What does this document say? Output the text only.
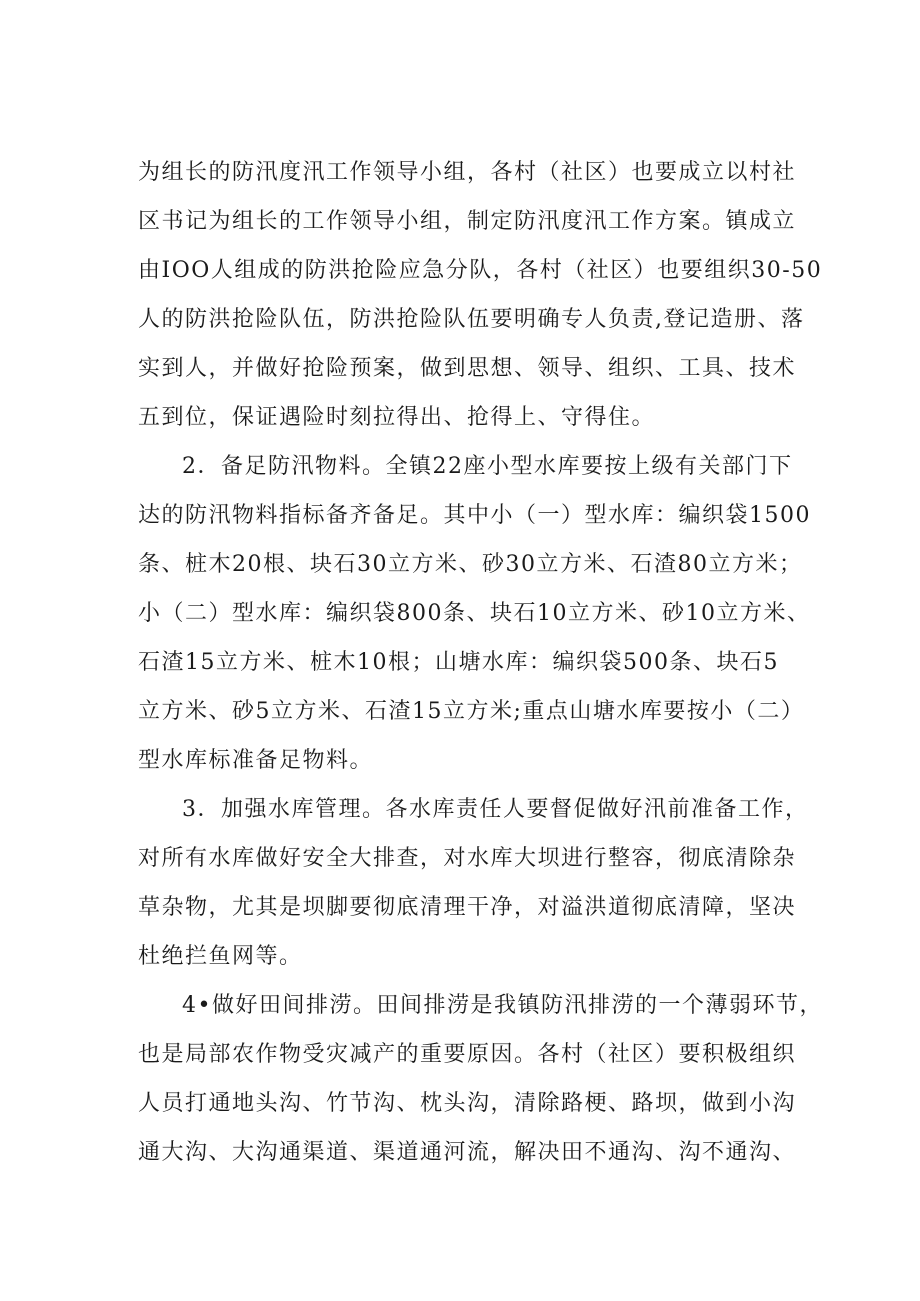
为组长的防汛度汛工作领导小组，各村（社区）也要成立以村社
区书记为组长的工作领导小组，制定防汛度汛工作方案。镇成立
由IOO人组成的防洪抢险应急分队，各村（社区）也要组织30-50
人的防洪抢险队伍，防洪抢险队伍要明确专人负责,登记造册、落
实到人，并做好抢险预案，做到思想、领导、组织、工具、技术
五到位，保证遇险时刻拉得出、抢得上、守得住。
2．备足防汛物料。全镇22座小型水库要按上级有关部门下
达的防汛物料指标备齐备足。其中小（一）型水库：编织袋1500
条、桩木20根、块石30立方米、砂30立方米、石渣80立方米；
小（二）型水库：编织袋800条、块石10立方米、砂10立方米、
石渣15立方米、桩木10根；山塘水库：编织袋500条、块石5
立方米、砂5立方米、石渣15立方米;重点山塘水库要按小（二）
型水库标准备足物料。
3．加强水库管理。各水库责任人要督促做好汛前准备工作，
对所有水库做好安全大排查，对水库大坝进行整容，彻底清除杂
草杂物，尤其是坝脚要彻底清理干净，对溢洪道彻底清障，坚决
杜绝拦鱼网等。
4•做好田间排涝。田间排涝是我镇防汛排涝的一个薄弱环节，
也是局部农作物受灾减产的重要原因。各村（社区）要积极组织
人员打通地头沟、竹节沟、枕头沟，清除路梗、路坝，做到小沟
通大沟、大沟通渠道、渠道通河流，解决田不通沟、沟不通沟、
